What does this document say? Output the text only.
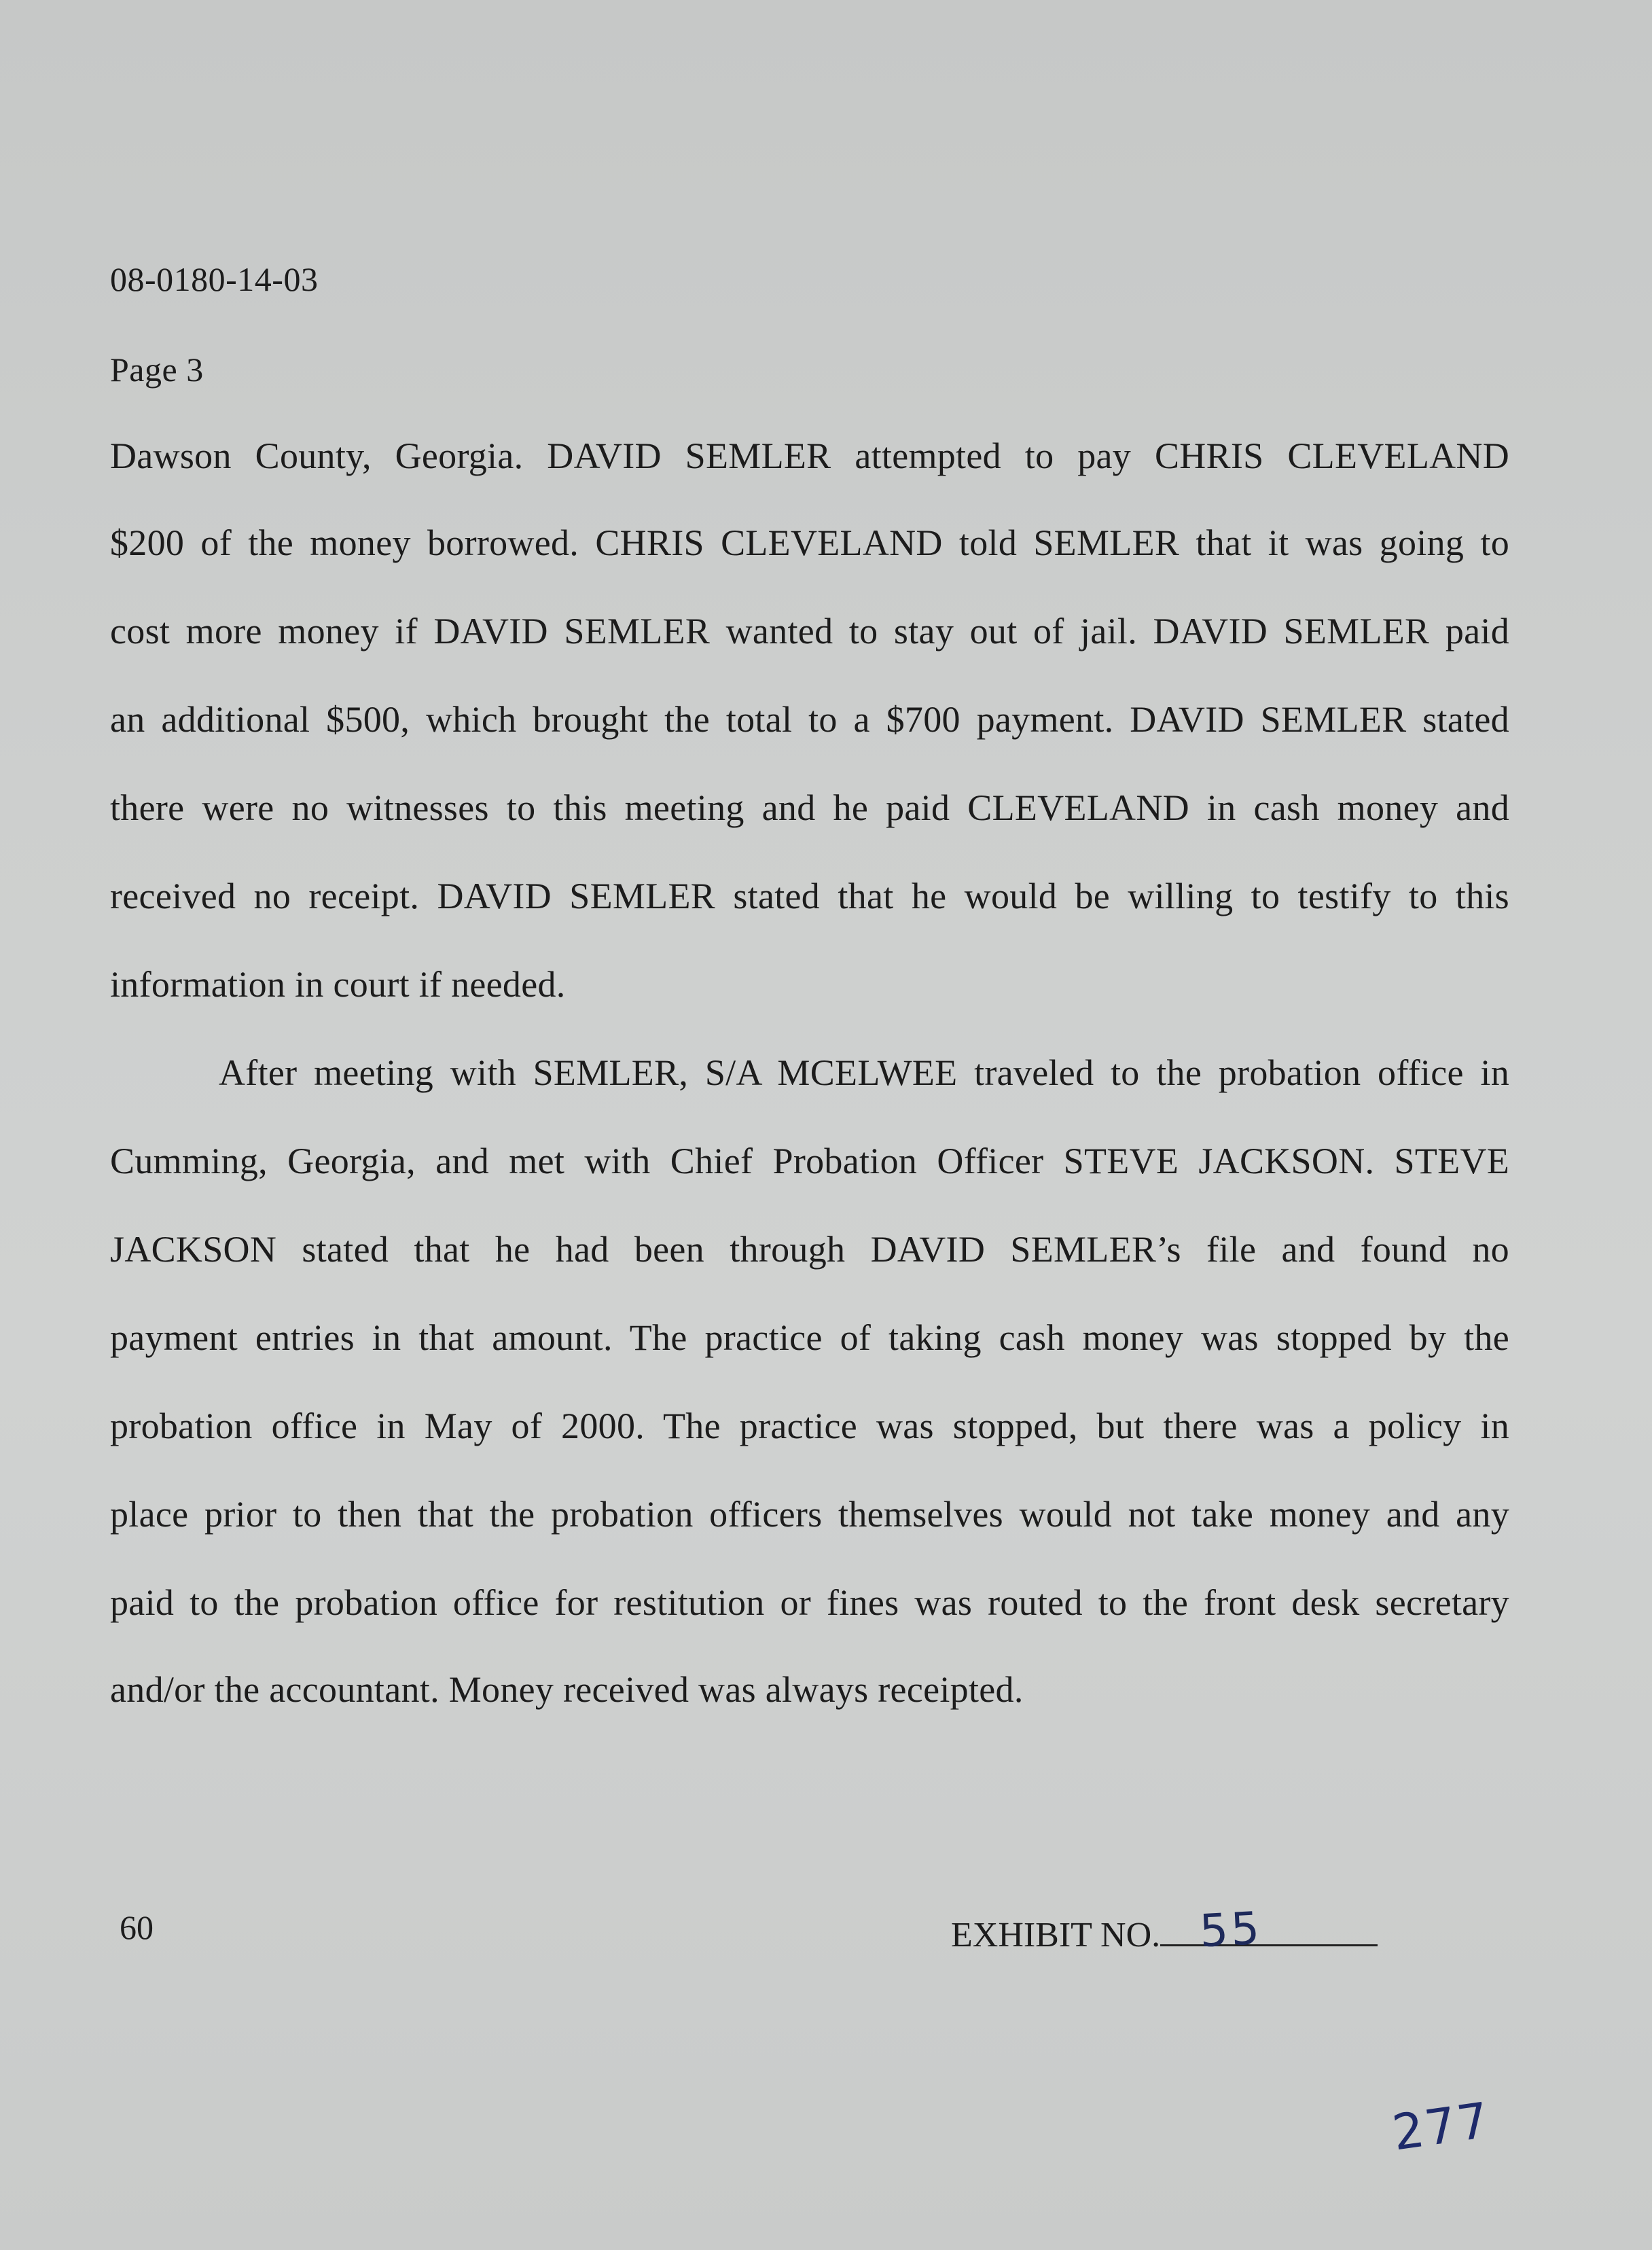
08-0180-14-03
Page 3
Dawson County, Georgia. DAVID SEMLER attempted to pay CHRIS CLEVELAND
$200 of the money borrowed. CHRIS CLEVELAND told SEMLER that it was going to
cost more money if DAVID SEMLER wanted to stay out of jail. DAVID SEMLER paid
an additional $500, which brought the total to a $700 payment. DAVID SEMLER stated
there were no witnesses to this meeting and he paid CLEVELAND in cash money and
received no receipt. DAVID SEMLER stated that he would be willing to testify to this
information in court if needed.
After meeting with SEMLER, S/A MCELWEE traveled to the probation office in
Cumming, Georgia, and met with Chief Probation Officer STEVE JACKSON. STEVE
JACKSON stated that he had been through DAVID SEMLER’s file and found no
payment entries in that amount. The practice of taking cash money was stopped by the
probation office in May of 2000. The practice was stopped, but there was a policy in
place prior to then that the probation officers themselves would not take money and any
paid to the probation office for restitution or fines was routed to the front desk secretary
and/or the accountant. Money received was always receipted.
60	EXHIBIT NO. 55
277
